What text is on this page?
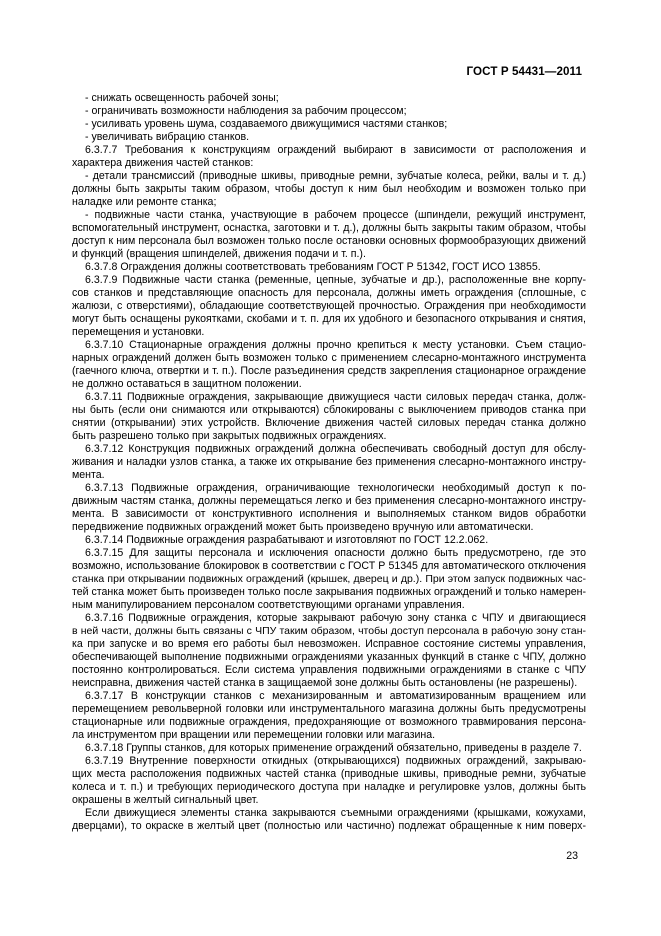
ГОСТ Р 54431—2011
- снижать освещенность рабочей зоны;
- ограничивать возможности наблюдения за рабочим процессом;
- усиливать уровень шума, создаваемого движущимися частями станков;
- увеличивать вибрацию станков.
6.3.7.7 Требования к конструкциям ограждений выбирают в зависимости от расположения и
характера движения частей станков:
- детали трансмиссий (приводные шкивы, приводные ремни, зубчатые колеса, рейки, валы и т. д.)
должны быть закрыты таким образом, чтобы доступ к ним был необходим и возможен только при
наладке или ремонте станка;
- подвижные части станка, участвующие в рабочем процессе (шпиндели, режущий инструмент,
вспомогательный инструмент, оснастка, заготовки и т. д.), должны быть закрыты таким образом, чтобы
доступ к ним персонала был возможен только после остановки основных формообразующих движений
и функций (вращения шпинделей, движения подачи и т. п.).
6.3.7.8 Ограждения должны соответствовать требованиям ГОСТ Р 51342, ГОСТ ИСО 13855.
6.3.7.9 Подвижные части станка (ременные, цепные, зубчатые и др.), расположенные вне корпу-
сов станков и представляющие опасность для персонала, должны иметь ограждения (сплошные, с
жалюзи, с отверстиями), обладающие соответствующей прочностью. Ограждения при необходимости
могут быть оснащены рукоятками, скобами и т. п. для их удобного и безопасного открывания и снятия,
перемещения и установки.
6.3.7.10 Стационарные ограждения должны прочно крепиться к месту установки. Съем стацио-
нарных ограждений должен быть возможен только с применением слесарно-монтажного инструмента
(гаечного ключа, отвертки и т. п.). После разъединения средств закрепления стационарное ограждение
не должно оставаться в защитном положении.
6.3.7.11 Подвижные ограждения, закрывающие движущиеся части силовых передач станка, долж-
ны быть (если они снимаются или открываются) сблокированы с выключением приводов станка при
снятии (открывании) этих устройств. Включение движения частей силовых передач станка должно
быть разрешено только при закрытых подвижных ограждениях.
6.3.7.12 Конструкция подвижных ограждений должна обеспечивать свободный доступ для обслу-
живания и наладки узлов станка, а также их открывание без применения слесарно-монтажного инстру-
мента.
6.3.7.13 Подвижные ограждения, ограничивающие технологически необходимый доступ к по-
движным частям станка, должны перемещаться легко и без применения слесарно-монтажного инстру-
мента. В зависимости от конструктивного исполнения и выполняемых станком видов обработки
передвижение подвижных ограждений может быть произведено вручную или автоматически.
6.3.7.14 Подвижные ограждения разрабатывают и изготовляют по ГОСТ 12.2.062.
6.3.7.15 Для защиты персонала и исключения опасности должно быть предусмотрено, где это
возможно, использование блокировок в соответствии с ГОСТ Р 51345 для автоматического отключения
станка при открывании подвижных ограждений (крышек, дверец и др.). При этом запуск подвижных час-
тей станка может быть произведен только после закрывания подвижных ограждений и только намерен-
ным манипулированием персоналом соответствующими органами управления.
6.3.7.16 Подвижные ограждения, которые закрывают рабочую зону станка с ЧПУ и двигающиеся
в ней части, должны быть связаны с ЧПУ таким образом, чтобы доступ персонала в рабочую зону стан-
ка при запуске и во время его работы был невозможен. Исправное состояние системы управления,
обеспечивающей выполнение подвижными ограждениями указанных функций в станке с ЧПУ, должно
постоянно контролироваться. Если система управления подвижными ограждениями в станке с ЧПУ
неисправна, движения частей станка в защищаемой зоне должны быть остановлены (не разрешены).
6.3.7.17 В конструкции станков с механизированным и автоматизированным вращением или
перемещением револьверной головки или инструментального магазина должны быть предусмотрены
стационарные или подвижные ограждения, предохраняющие от возможного травмирования персона-
ла инструментом при вращении или перемещении головки или магазина.
6.3.7.18 Группы станков, для которых применение ограждений обязательно, приведены в разделе 7.
6.3.7.19 Внутренние поверхности откидных (открывающихся) подвижных ограждений, закрываю-
щих места расположения подвижных частей станка (приводные шкивы, приводные ремни, зубчатые
колеса и т. п.) и требующих периодического доступа при наладке и регулировке узлов, должны быть
окрашены в желтый сигнальный цвет.
Если движущиеся элементы станка закрываются съемными ограждениями (крышками, кожухами,
дверцами), то окраске в желтый цвет (полностью или частично) подлежат обращенные к ним поверх-
23
